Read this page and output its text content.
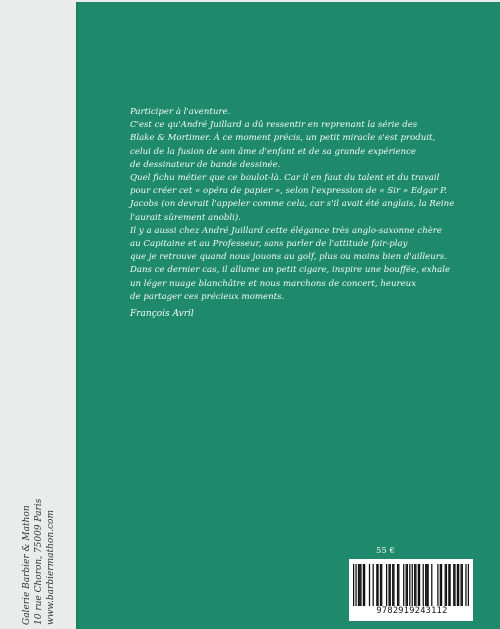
Participer à l'aventure.

C'est ce qu'André Juillard a dû ressentir en reprenant la série des
Blake & Mortimer. À ce moment précis, un petit miracle s'est produit,
celui de la fusion de son âme d'enfant et de sa grande expérience
de dessinateur de bande dessinée.

Quel fichu métier que ce boulot-là. Car il en faut du talent et du travail
pour créer cet « opéra de papier », selon l'expression de « Sir » Edgar P.
Jacobs (on devrait l'appeler comme cela, car s'il avait été anglais, la Reine
l'aurait sûrement anobli).

Il y a aussi chez André Juillard cette élégance très anglo-saxonne chère
au Capitaine et au Professeur, sans parler de l'attitude fair-play
que je retrouve quand nous jouons au golf, plus ou moins bien d'ailleurs.

Dans ce dernier cas, il allume un petit cigare, inspire une bouffée, exhale
un léger nuage blanchâtre et nous marchons de concert, heureux
de partager ces précieux moments.

François Avril
Galerie Barbier & Mathon 10 rue Choron, 75009 Paris www.barbiermathon.com	55 €
9782919243112
